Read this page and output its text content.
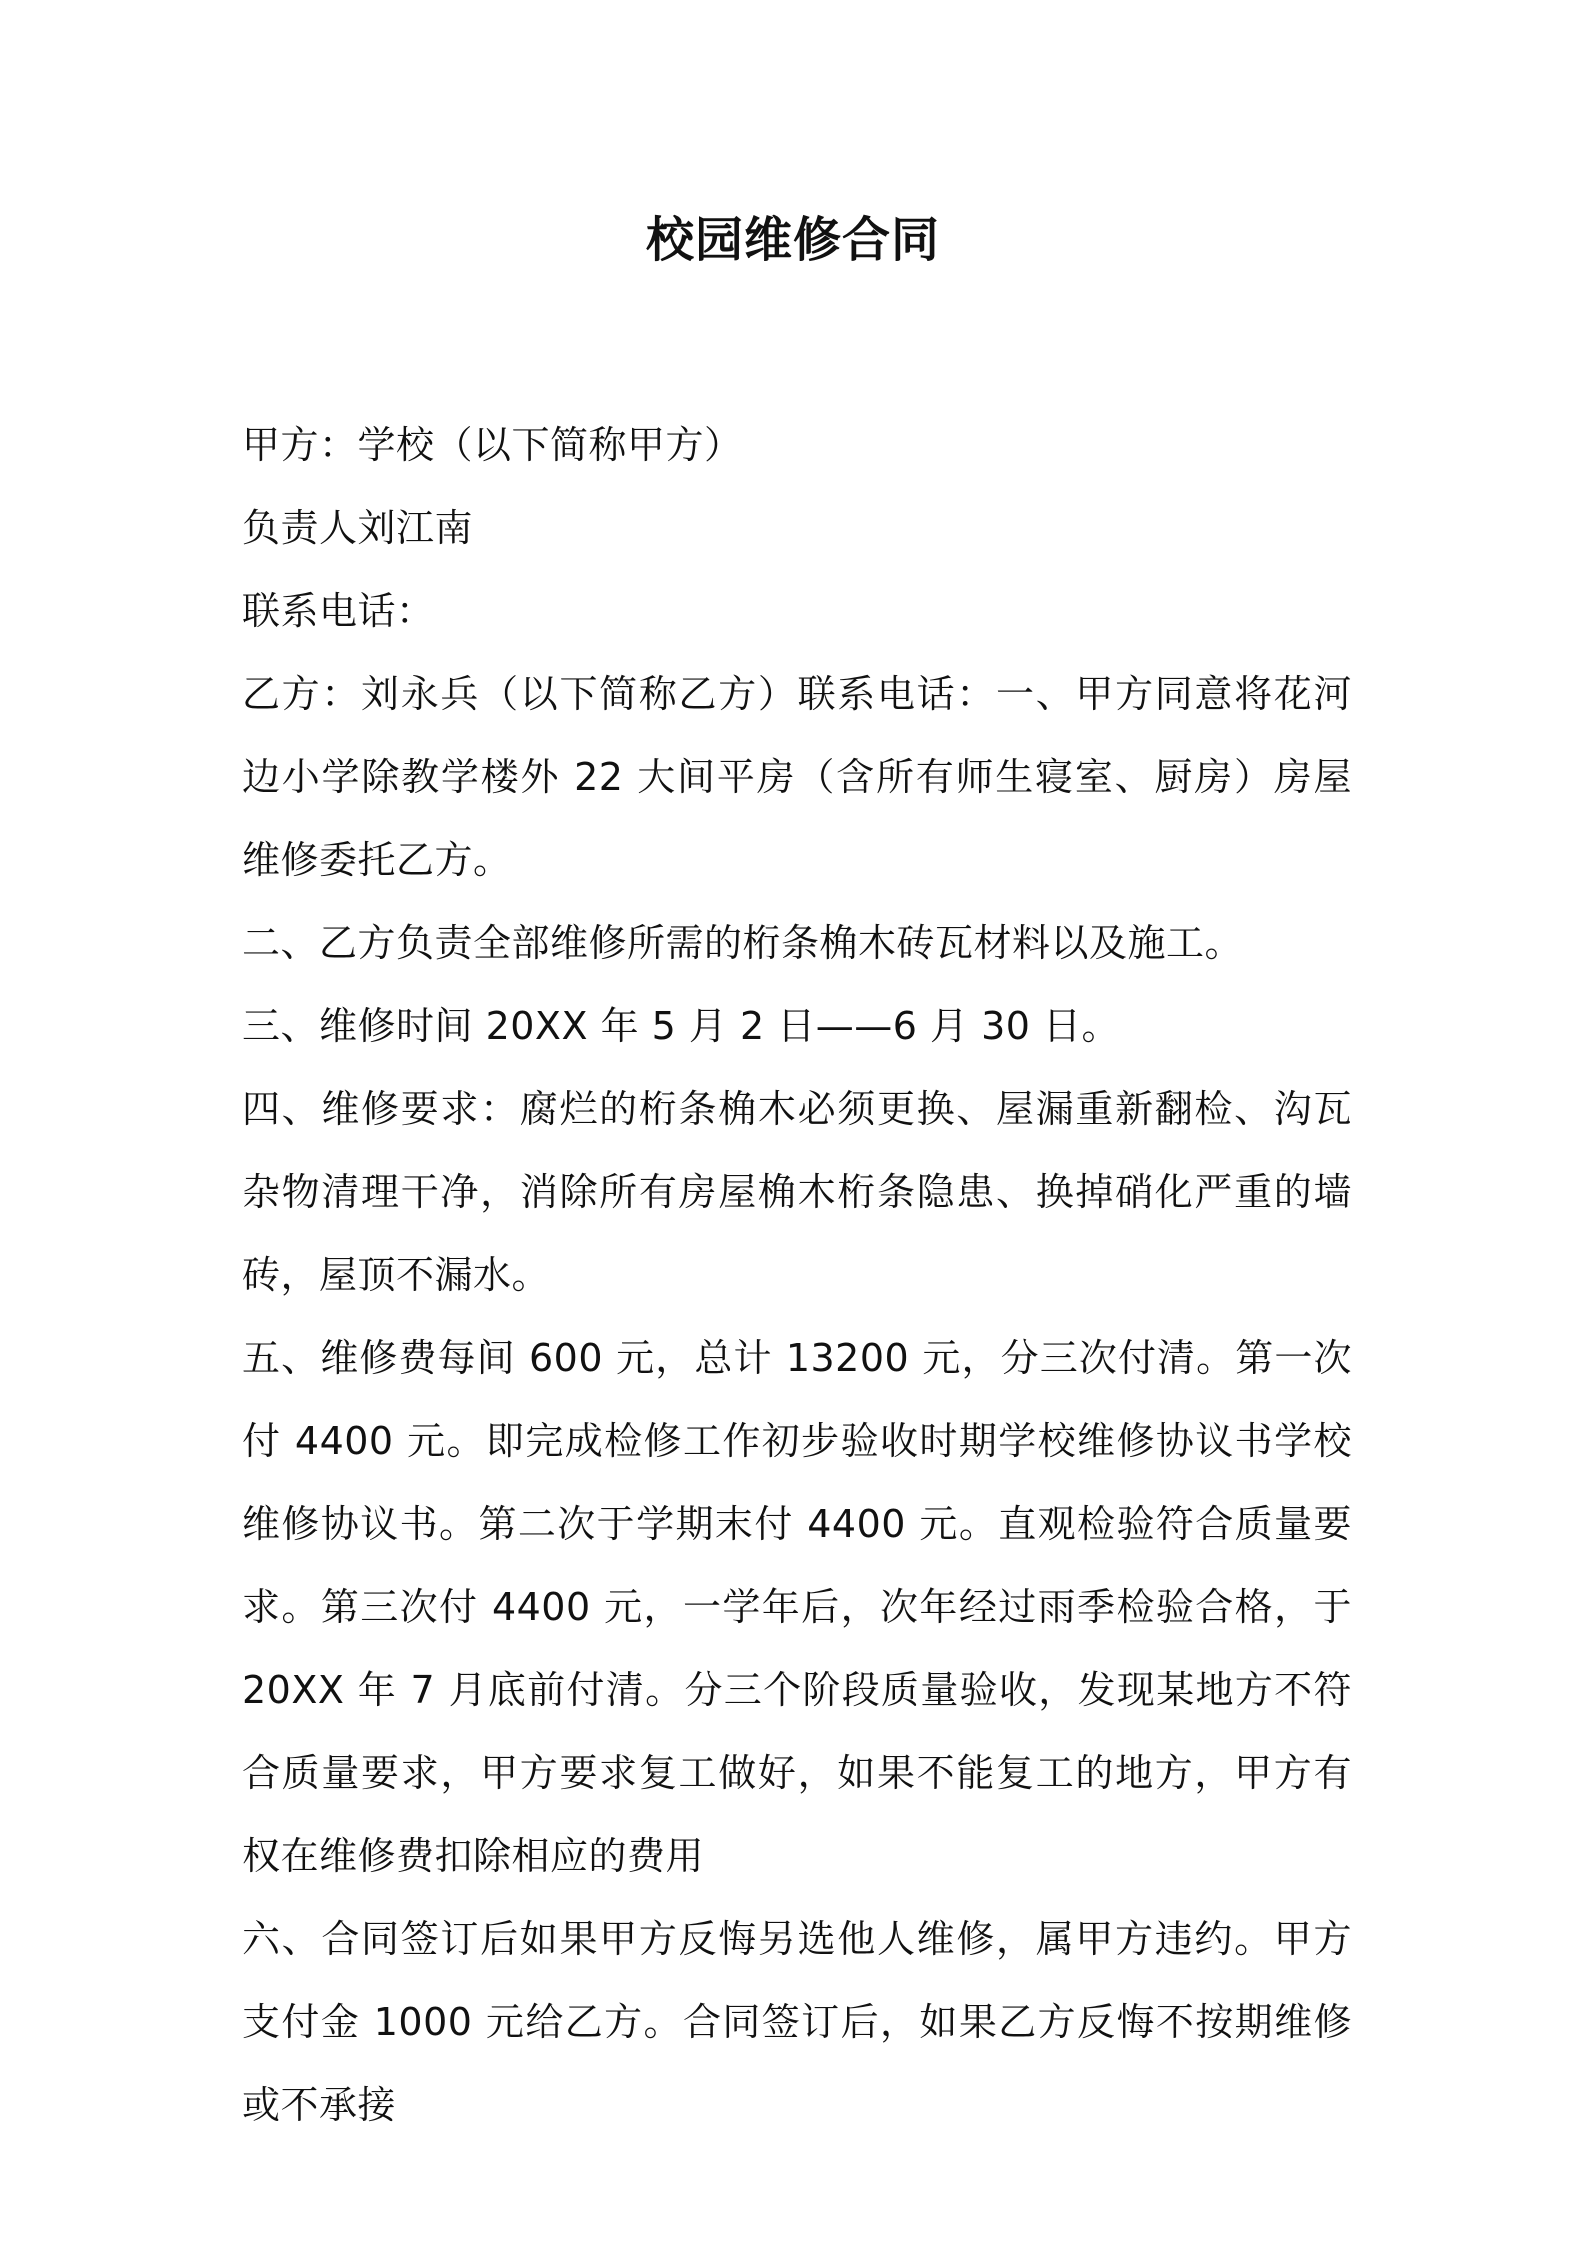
校园维修合同

甲方：学校（以下简称甲方）

负责人刘江南

联系电话：

乙方：刘永兵（以下简称乙方）联系电话：一、甲方同意将花河边小学除教学楼外 22 大间平房（含所有师生寝室、厨房）房屋维修委托乙方。

二、乙方负责全部维修所需的桁条桷木砖瓦材料以及施工。

三、维修时间 20XX 年 5 月 2 日——6 月 30 日。

四、维修要求：腐烂的桁条桷木必须更换、屋漏重新翻检、沟瓦杂物清理干净，消除所有房屋桷木桁条隐患、换掉硝化严重的墙砖，屋顶不漏水。

五、维修费每间 600 元，总计 13200 元，分三次付清。第一次付 4400 元。即完成检修工作初步验收时期学校维修协议书学校维修协议书。第二次于学期末付 4400 元。直观检验符合质量要求。第三次付 4400 元，一学年后，次年经过雨季检验合格，于 20XX 年 7 月底前付清。分三个阶段质量验收，发现某地方不符合质量要求，甲方要求复工做好，如果不能复工的地方，甲方有权在维修费扣除相应的费用

六、合同签订后如果甲方反悔另选他人维修，属甲方违约。甲方支付金 1000 元给乙方。合同签订后，如果乙方反悔不按期维修或不承接
